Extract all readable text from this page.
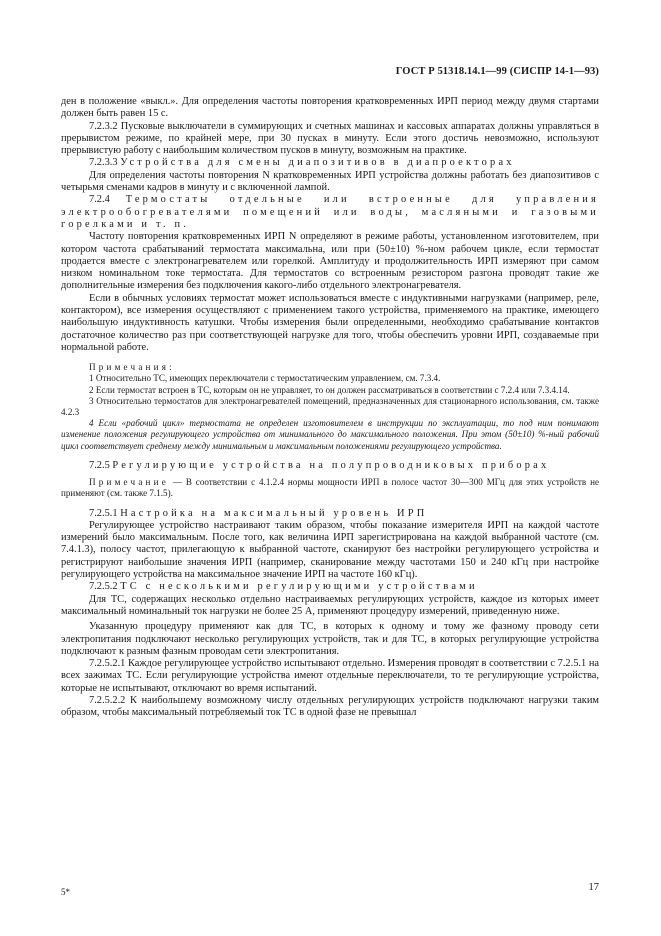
ГОСТ Р 51318.14.1—99 (СИСПР 14-1—93)

ден в положение «выкл.». Для определения частоты повторения кратковременных ИРП период между двумя стартами должен быть равен 15 с.

7.2.3.2 Пусковые выключатели в суммирующих и счетных машинах и кассовых аппаратах должны управляться в прерывистом режиме, по крайней мере, при 30 пусках в минуту. Если этого достичь невозможно, используют прерывистую работу с наибольшим количеством пусков в минуту, возможным на практике.

7.2.3.3 Устройства для смены диапозитивов в диапроекторах

Для определения частоты повторения N кратковременных ИРП устройства должны работать без диапозитивов с четырьмя сменами кадров в минуту и с включенной лампой.

7.2.4 Термостаты отдельные или встроенные для управления электрообогревателями помещений или воды, масляными и газовыми горелками и т. п.

Частоту повторения кратковременных ИРП N определяют в режиме работы, установленном изготовителем, при котором частота срабатываний термостата максимальна, или при (50±10) %-ном рабочем цикле, если термостат продается вместе с электронагревателем или горелкой. Амплитуду и продолжительность ИРП измеряют при самом низком номинальном токе термостата. Для термостатов со встроенным резистором разгона проводят такие же дополнительные измерения без подключения какого-либо отдельного электронагревателя.

Если в обычных условиях термостат может использоваться вместе с индуктивными нагрузками (например, реле, контактором), все измерения осуществляют с применением такого устройства, применяемого на практике, имеющего наибольшую индуктивность катушки. Чтобы измерения были определенными, необходимо срабатывание контактов достаточное количество раз при соответствующей нагрузке для того, чтобы обеспечить уровни ИРП, создаваемые при нормальной работе.

Примечания:

1 Относительно ТС, имеющих переключатели с термостатическим управлением, см. 7.3.4.

2 Если термостат встроен в ТС, которым он не управляет, то он должен рассматриваться в соответствии с 7.2.4 или 7.3.4.14.

3 Относительно термостатов для электронагревателей помещений, предназначенных для стационарного использования, см. также 4.2.3

4 Если «рабочий цикл» термостата не определен изготовителем в инструкции по эксплуатации, то под ним понимают изменение положения регулирующего устройства от минимального до максимального положения. При этом (50±10) %-ный рабочий цикл соответствует среднему между минимальным и максимальным положениями регулирующего устройства.

7.2.5 Регулирующие устройства на полупроводниковых приборах

Примечание — В соответствии с 4.1.2.4 нормы мощности ИРП в полосе частот 30—300 МГц для этих устройств не применяют (см. также 7.1.5).

7.2.5.1 Настройка на максимальный уровень ИРП

Регулирующее устройство настраивают таким образом, чтобы показание измерителя ИРП на каждой частоте измерений было максимальным. После того, как величина ИРП зарегистрирована на каждой выбранной частоте (см. 7.4.1.3), полосу частот, прилегающую к выбранной частоте, сканируют без настройки регулирующего устройства и регистрируют наибольшие значения ИРП (например, сканирование между частотами 150 и 240 кГц при настройке регулирующего устройства на максимальное значение ИРП на частоте 160 кГц).

7.2.5.2 ТС с несколькими регулирующими устройствами

Для ТС, содержащих несколько отдельно настраиваемых регулирующих устройств, каждое из которых имеет максимальный номинальный ток нагрузки не более 25 А, применяют процедуру измерений, приведенную ниже.

Указанную процедуру применяют как для ТС, в которых к одному и тому же фазному проводу сети электропитания подключают несколько регулирующих устройств, так и для ТС, в которых регулирующие устройства подключают к разным фазным проводам сети электропитания.

7.2.5.2.1 Каждое регулирующее устройство испытывают отдельно. Измерения проводят в соответствии с 7.2.5.1 на всех зажимах ТС. Если регулирующие устройства имеют отдельные переключатели, то те регулирующие устройства, которые не испытывают, отключают во время испытаний.

7.2.5.2.2 К наибольшему возможному числу отдельных регулирующих устройств подключают нагрузки таким образом, чтобы максимальный потребляемый ток ТС в одной фазе не превышал

5*	17
